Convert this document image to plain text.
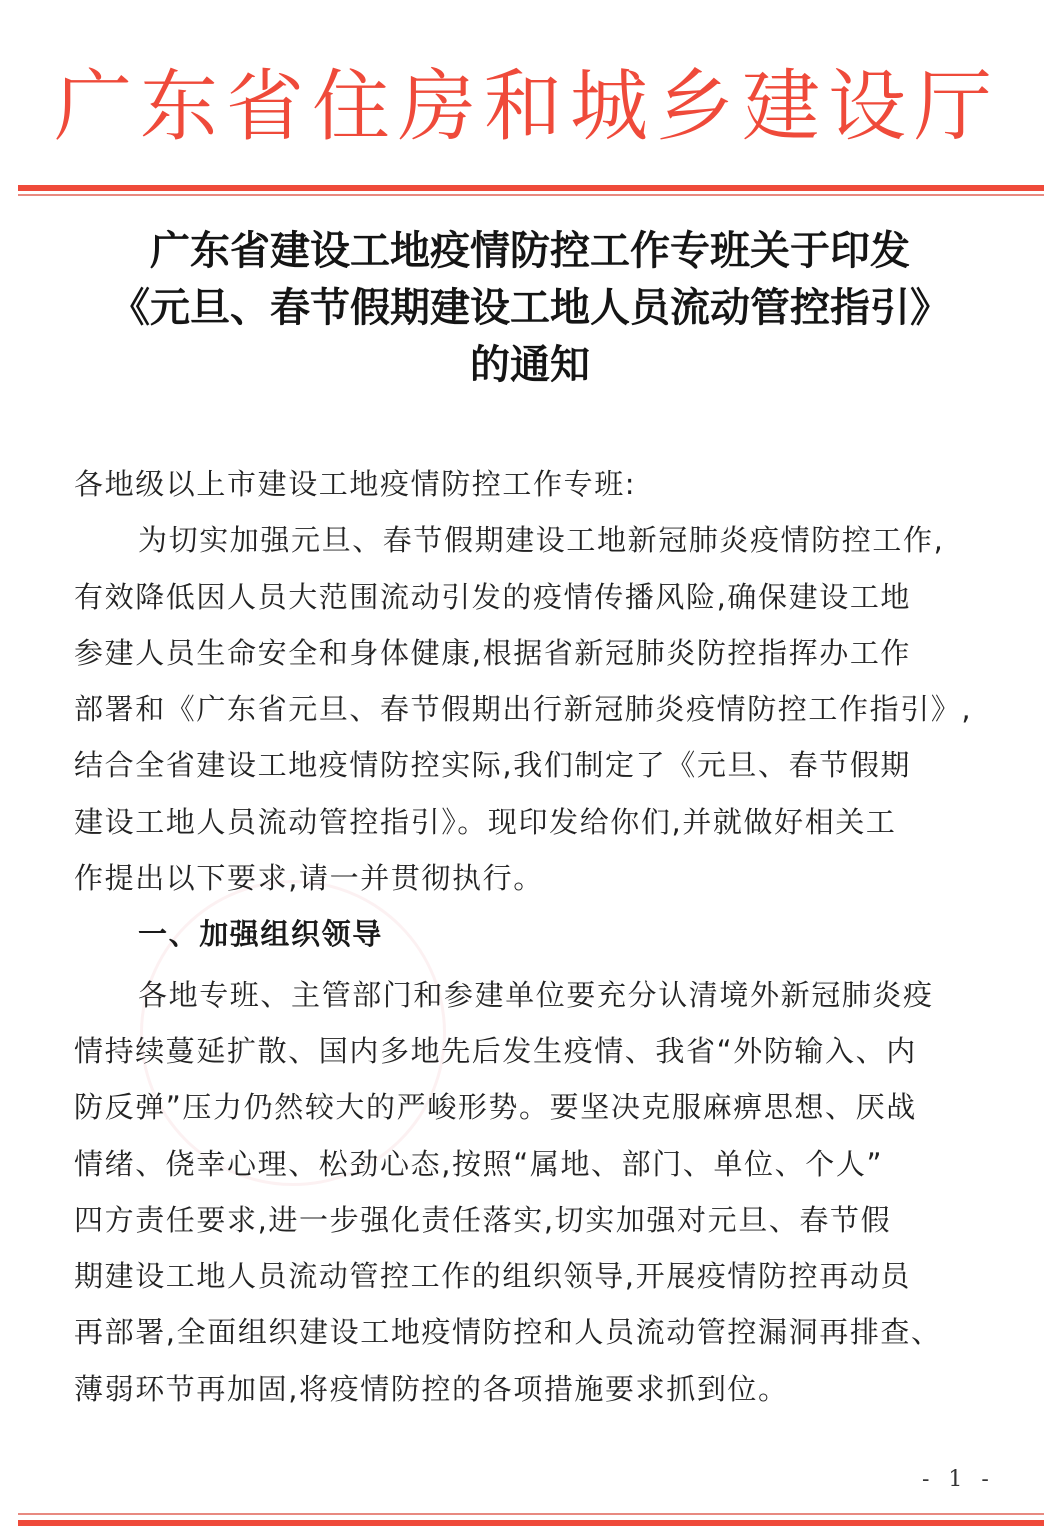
广东省住房和城乡建设厅
广东省建设工地疫情防控工作专班关于印发
《元旦、春节假期建设工地人员流动管控指引》
的通知
各地级以上市建设工地疫情防控工作专班:
为切实加强元旦、春节假期建设工地新冠肺炎疫情防控工作,
有效降低因人员大范围流动引发的疫情传播风险,确保建设工地
参建人员生命安全和身体健康,根据省新冠肺炎防控指挥办工作
部署和《广东省元旦、春节假期出行新冠肺炎疫情防控工作指引》,
结合全省建设工地疫情防控实际,我们制定了《元旦、春节假期
建设工地人员流动管控指引》。现印发给你们,并就做好相关工
作提出以下要求,请一并贯彻执行。
一、加强组织领导
各地专班、主管部门和参建单位要充分认清境外新冠肺炎疫
情持续蔓延扩散、国内多地先后发生疫情、我省“外防输入、内
防反弹”压力仍然较大的严峻形势。要坚决克服麻痹思想、厌战
情绪、侥幸心理、松劲心态,按照“属地、部门、单位、个人”
四方责任要求,进一步强化责任落实,切实加强对元旦、春节假
期建设工地人员流动管控工作的组织领导,开展疫情防控再动员
再部署,全面组织建设工地疫情防控和人员流动管控漏洞再排查、
薄弱环节再加固,将疫情防控的各项措施要求抓到位。
- 1 -
